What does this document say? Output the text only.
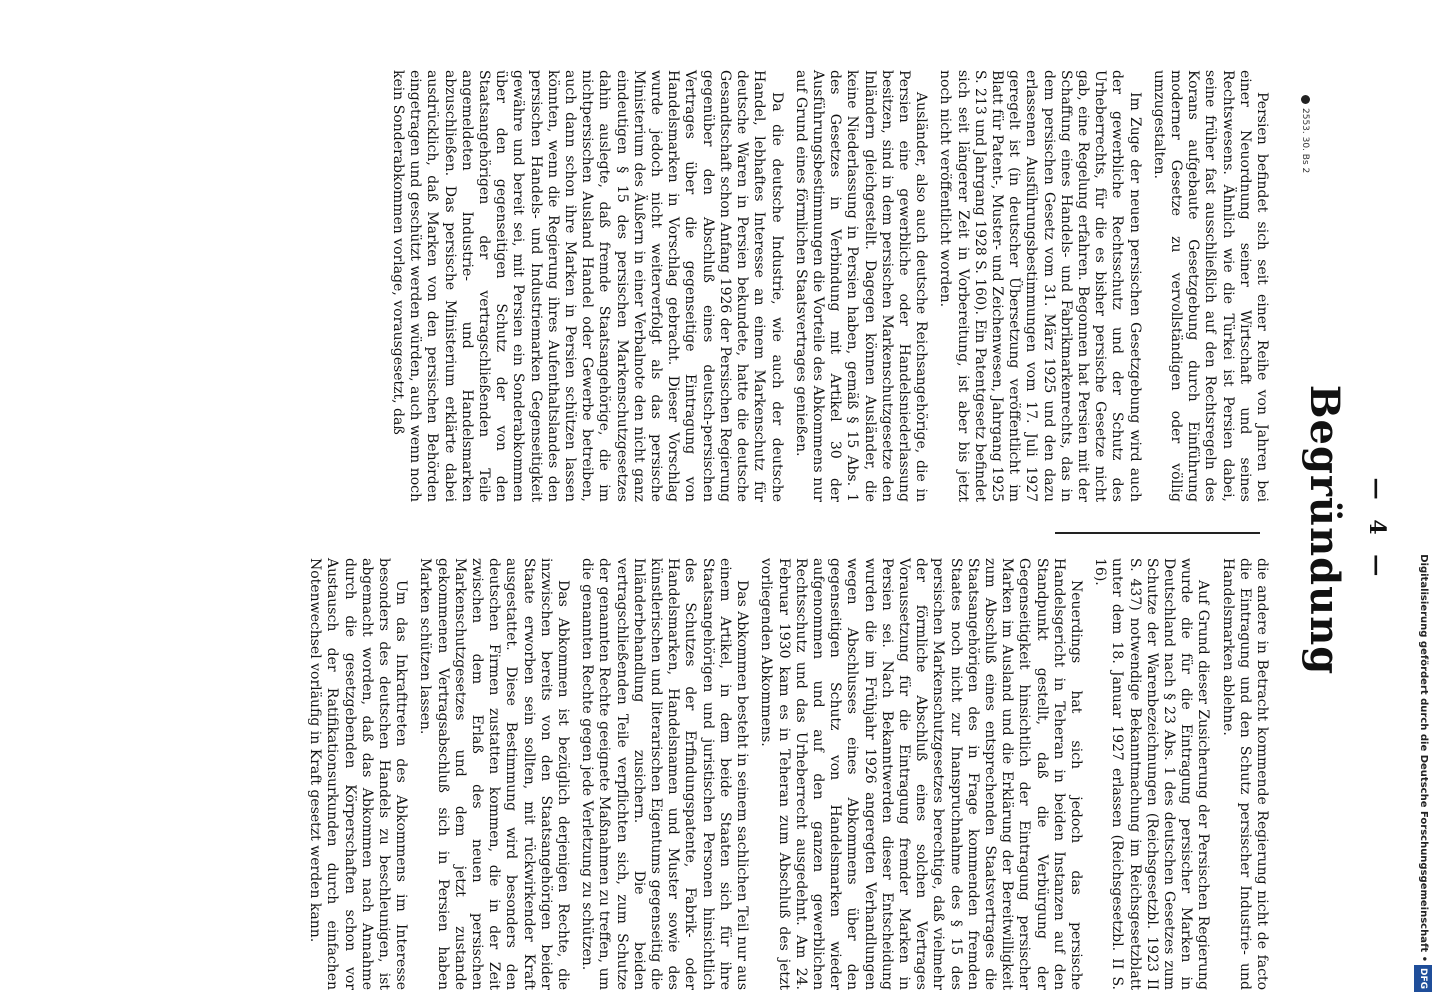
— 4 —
Begründung

Persien befindet sich seit einer Reihe von Jahren bei einer Neuordnung seiner Wirtschaft und seines Rechtswesens. Ähnlich wie die Türkei ist Persien dabei, seine früher fast ausschließlich auf den Rechtsregeln des Korans aufgebaute Gesetzgebung durch Einführung moderner Gesetze zu vervollständigen oder völlig umzugestalten.

Im Zuge der neuen persischen Gesetzgebung wird auch der gewerbliche Rechtsschutz und der Schutz des Urheberrechts, für die es bisher persische Gesetze nicht gab, eine Regelung erfahren. Begonnen hat Persien mit der Schaffung eines Handels- und Fabrikmarkenrechts, das in dem persischen Gesetz vom 31. März 1925 und den dazu erlassenen Ausführungsbestimmungen vom 17. Juli 1927 geregelt ist (in deutscher Übersetzung veröffentlicht im Blatt für Patent-, Muster- und Zeichenwesen, Jahrgang 1925 S. 213 und Jahrgang 1928 S. 160). Ein Patentgesetz befindet sich seit längerer Zeit in Vorbereitung, ist aber bis jetzt noch nicht veröffentlicht worden.

Ausländer, also auch deutsche Reichsangehörige, die in Persien eine gewerbliche oder Handelsniederlassung besitzen, sind in dem persischen Markenschutzgesetze den Inländern gleichgestellt. Dagegen können Ausländer, die keine Niederlassung in Persien haben, gemäß § 15 Abs. 1 des Gesetzes in Verbindung mit Artikel 30 der Ausführungsbestimmungen die Vorteile des Abkommens nur auf Grund eines förmlichen Staatsvertrages genießen.

Da die deutsche Industrie, wie auch der deutsche Handel, lebhaftes Interesse an einem Markenschutz für deutsche Waren in Persien bekundete, hatte die deutsche Gesandtschaft schon Anfang 1926 der Persischen Regierung gegenüber den Abschluß eines deutsch-persischen Vertrages über die gegenseitige Eintragung von Handelsmarken in Vorschlag gebracht. Dieser Vorschlag wurde jedoch nicht weiterverfolgt als das persische Ministerium des Äußern in einer Verbalnote den nicht ganz eindeutigen § 15 des persischen Markenschutzgesetzes dahin auslegte, daß fremde Staatsangehörige, die im nichtpersischen Ausland Handel oder Gewerbe betreiben, auch dann schon ihre Marken in Persien schützen lassen könnten, wenn die Regierung ihres Aufenthaltslandes den persischen Handels- und Industriemarken Gegenseitigkeit gewähre und bereit sei, mit Persien ein Sonderabkommen über den gegenseitigen Schutz der von den Staatsangehörigen der vertragschließenden Teile angemeldeten Industrie- und Handelsmarken abzuschließen. Das persische Ministerium erklärte dabei ausdrücklich, daß Marken von den persischen Behörden eingetragen und geschützt werden würden, auch wenn noch kein Sonderabkommen vorlage, vorausgesetzt, daß

die andere in Betracht kommende Regierung nicht de facto die Eintragung und den Schutz persischer Industrie- und Handelsmarken ablehne.

Auf Grund dieser Zusicherung der Persischen Regierung wurde die für die Eintragung persischer Marken in Deutschland nach § 23 Abs. 1 des deutschen Gesetzes zum Schutze der Warenbezeichnungen (Reichsgesetzbl. 1923 II S. 437) notwendige Bekanntmachung im Reichsgesetzblatt unter dem 18. Januar 1927 erlassen (Reichsgesetzbl. II S. 16).

Neuerdings hat sich jedoch das persische Handelsgericht in Teheran in beiden Instanzen auf den Standpunkt gestellt, daß die Verbürgung der Gegenseitigkeit hinsichtlich der Eintragung persischer Marken im Ausland und die Erklärung der Bereitwilligkeit zum Abschluß eines entsprechenden Staatsvertrages die Staatsangehörigen des in Frage kommenden fremden Staates noch nicht zur Inanspruchnahme des § 15 des persischen Markenschutzgesetzes berechtige, daß vielmehr der förmliche Abschluß eines solchen Vertrages Voraussetzung für die Eintragung fremder Marken in Persien sei. Nach Bekanntwerden dieser Entscheidung wurden die im Frühjahr 1926 angeregten Verhandlungen wegen Abschlusses eines Abkommens über den gegenseitigen Schutz von Handelsmarken wieder aufgenommen und auf den ganzen gewerblichen Rechtsschutz und das Urheberrecht ausgedehnt. Am 24. Februar 1930 kam es in Teheran zum Abschluß des jetzt vorliegenden Abkommens.

Das Abkommen besteht in seinem sachlichen Teil nur aus einem Artikel, in dem beide Staaten sich für ihre Staatsangehörigen und juristischen Personen hinsichtlich des Schutzes der Erfindungspatente, Fabrik- oder Handelsmarken, Handelsnamen und Muster sowie des künstlerischen und literarischen Eigentums gegenseitig die Inländerbehandlung zusichern. Die beiden vertragschließenden Teile verpflichten sich, zum Schutze der genannten Rechte geeignete Maßnahmen zu treffen, um die genannten Rechte gegen jede Verletzung zu schützen.

Das Abkommen ist bezüglich derjenigen Rechte, die inzwischen bereits von den Staatsangehörigen beider Staate erworben sein sollten, mit rückwirkender Kraft ausgestattet. Diese Bestimmung wird besonders den deutschen Firmen zustatten kommen, die in der Zeit zwischen dem Erlaß des neuen persischen Markenschutzgesetzes und dem jetzt zustande gekommenen Vertragsabschluß sich in Persien haben Marken schützen lassen.

Um das Inkrafttreten des Abkommens im Interesse besonders des deutschen Handels zu beschleunigen, ist abgemacht worden, daß das Abkommen nach Annahme durch die gesetzgebenden Körperschaften schon vor Austausch der Ratifikationsurkunden durch einfachen Notenwechsel vorläufig in Kraft gesetzt werden kann.

2553. 30. Bs 2
Digitalisierung gefördert durch die Deutsche Forschungsgemeinschaft •DFG
